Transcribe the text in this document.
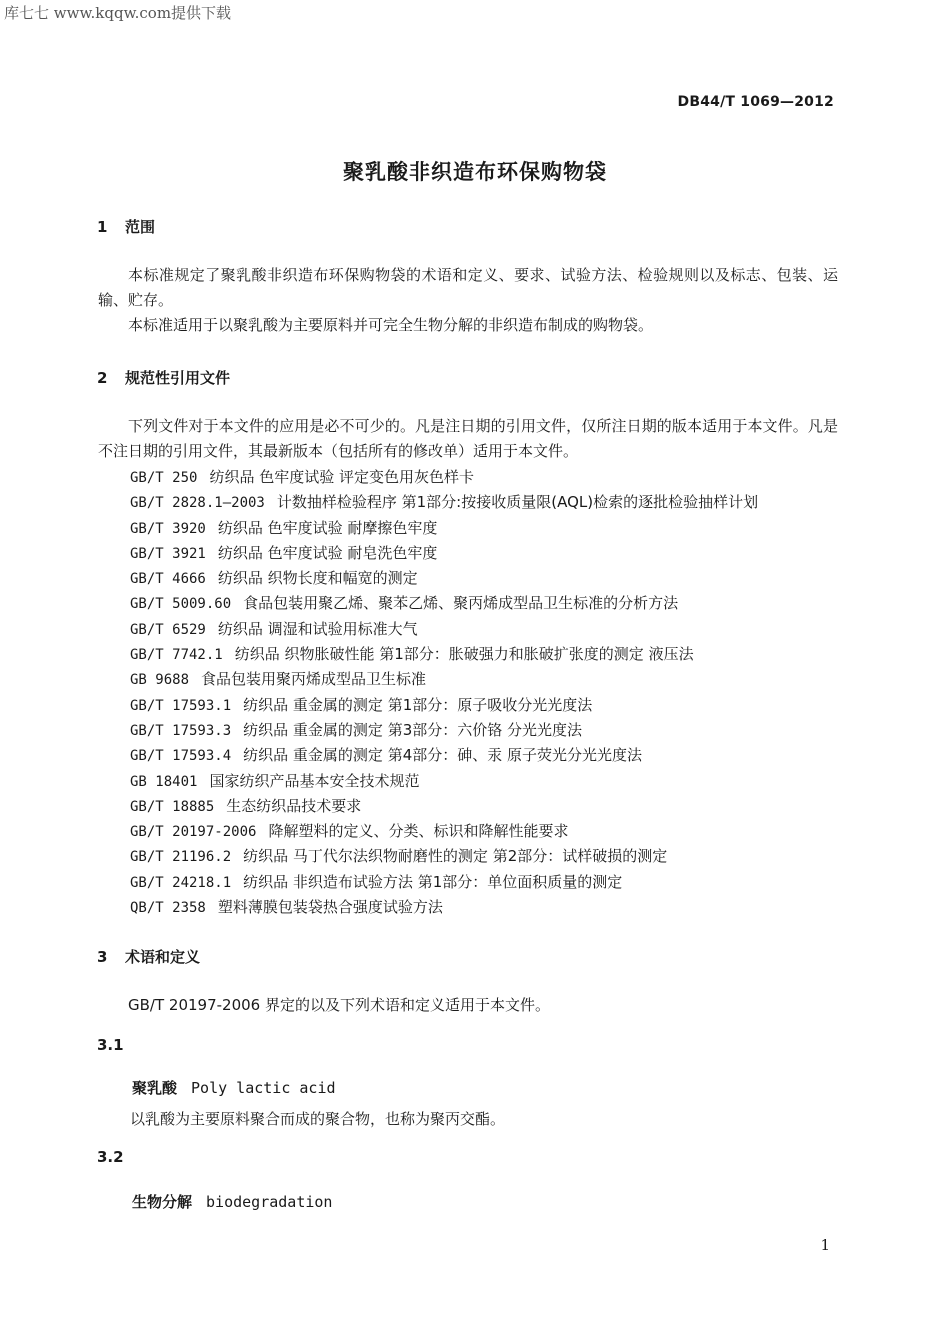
库七七 www.kqqw.com提供下载
DB44/T 1069—2012
聚乳酸非织造布环保购物袋
1 范围
本标准规定了聚乳酸非织造布环保购物袋的术语和定义、要求、试验方法、检验规则以及标志、包装、运输、贮存。
本标准适用于以聚乳酸为主要原料并可完全生物分解的非织造布制成的购物袋。
2 规范性引用文件
下列文件对于本文件的应用是必不可少的。凡是注日期的引用文件，仅所注日期的版本适用于本文件。凡是不注日期的引用文件，其最新版本（包括所有的修改单）适用于本文件。
GB/T 250 纺织品 色牢度试验 评定变色用灰色样卡
GB/T 2828.1—2003 计数抽样检验程序 第1部分:按接收质量限(AQL)检索的逐批检验抽样计划
GB/T 3920 纺织品 色牢度试验 耐摩擦色牢度
GB/T 3921 纺织品 色牢度试验 耐皂洗色牢度
GB/T 4666 纺织品 织物长度和幅宽的测定
GB/T 5009.60 食品包装用聚乙烯、聚苯乙烯、聚丙烯成型品卫生标准的分析方法
GB/T 6529 纺织品 调湿和试验用标准大气
GB/T 7742.1 纺织品 织物胀破性能 第1部分：胀破强力和胀破扩张度的测定 液压法
GB 9688 食品包装用聚丙烯成型品卫生标准
GB/T 17593.1 纺织品 重金属的测定 第1部分：原子吸收分光光度法
GB/T 17593.3 纺织品 重金属的测定 第3部分：六价铬 分光光度法
GB/T 17593.4 纺织品 重金属的测定 第4部分：砷、汞 原子荧光分光光度法
GB 18401 国家纺织产品基本安全技术规范
GB/T 18885 生态纺织品技术要求
GB/T 20197-2006 降解塑料的定义、分类、标识和降解性能要求
GB/T 21196.2 纺织品 马丁代尔法织物耐磨性的测定 第2部分：试样破损的测定
GB/T 24218.1 纺织品 非织造布试验方法 第1部分：单位面积质量的测定
QB/T 2358 塑料薄膜包装袋热合强度试验方法
3 术语和定义
GB/T 20197-2006 界定的以及下列术语和定义适用于本文件。
3.1
聚乳酸 Poly lactic acid
以乳酸为主要原料聚合而成的聚合物，也称为聚丙交酯。
3.2
生物分解 biodegradation
1
